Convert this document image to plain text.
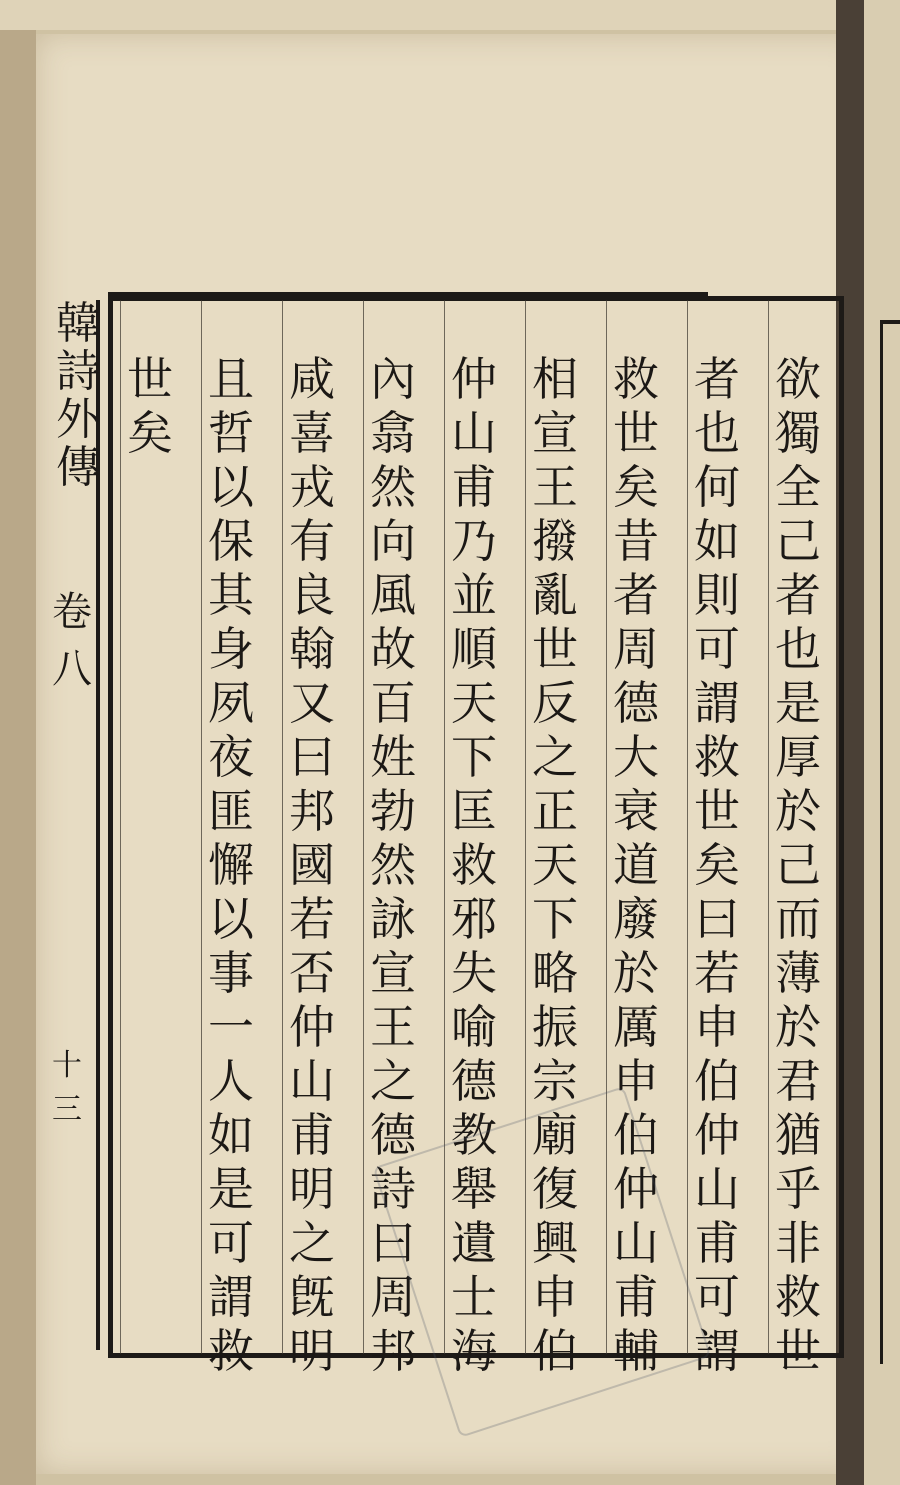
韓
詩
外
傳
卷
八
十
三
欲
獨
全
己
者
也
是
厚
於
己
而
薄
於
君
猶
乎
非
救
世
者
也
何
如
則
可
謂
救
世
矣
曰
若
申
伯
仲
山
甫
可
謂
救
世
矣
昔
者
周
德
大
衰
道
廢
於
厲
申
伯
仲
山
甫
輔
相
宣
王
撥
亂
世
反
之
正
天
下
略
振
宗
廟
復
興
申
伯
仲
山
甫
乃
並
順
天
下
匡
救
邪
失
喻
德
教
舉
遺
士
海
內
翕
然
向
風
故
百
姓
勃
然
詠
宣
王
之
德
詩
曰
周
邦
咸
喜
戎
有
良
翰
又
曰
邦
國
若
否
仲
山
甫
明
之
旣
明
且
哲
以
保
其
身
夙
夜
匪
懈
以
事
一
人
如
是
可
謂
救
世
矣
